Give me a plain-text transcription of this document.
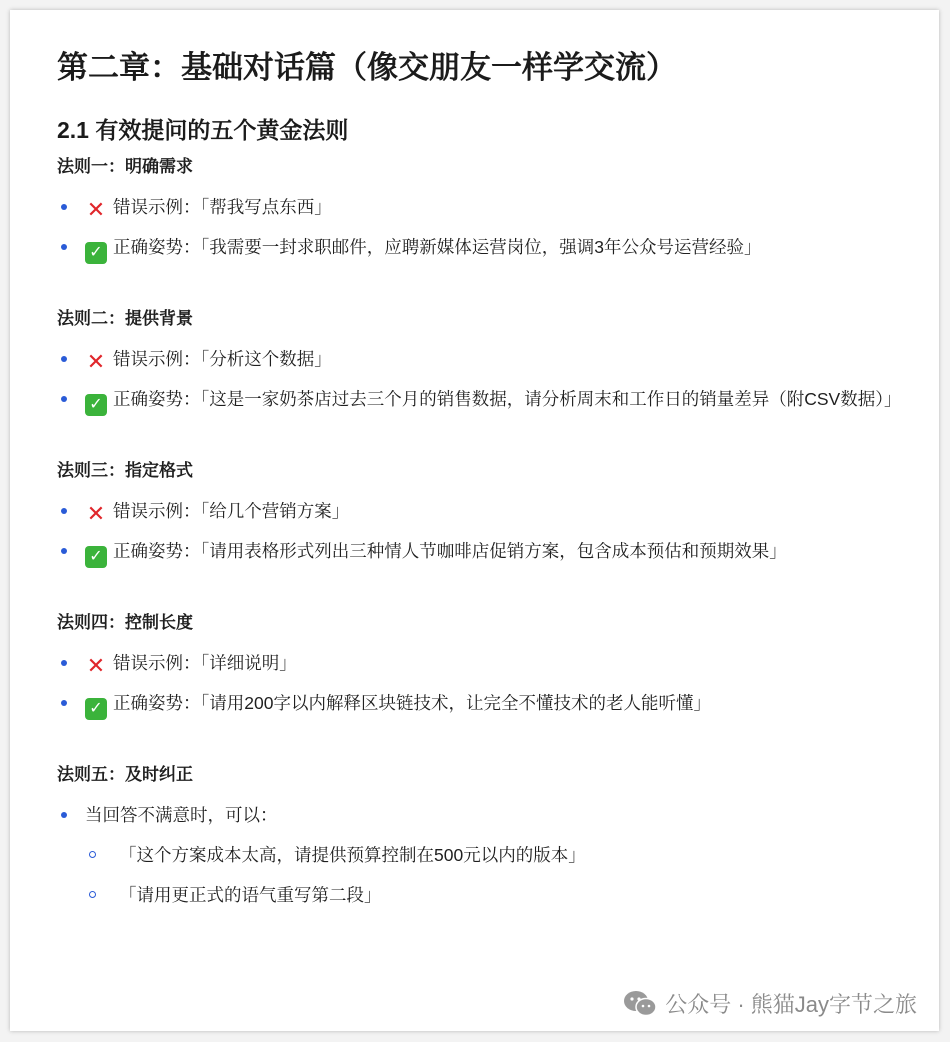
第二章：基础对话篇（像交朋友一样学交流）
2.1 有效提问的五个黄金法则
法则一：明确需求
✕ 错误示例：「帮我写点东西」
✓ 正确姿势：「我需要一封求职邮件，应聘新媒体运营岗位，强调3年公众号运营经验」
法则二：提供背景
✕ 错误示例：「分析这个数据」
✓ 正确姿势：「这是一家奶茶店过去三个月的销售数据，请分析周末和工作日的销量差异（附CSV数据）」
法则三：指定格式
✕ 错误示例：「给几个营销方案」
✓ 正确姿势：「请用表格形式列出三种情人节咖啡店促销方案，包含成本预估和预期效果」
法则四：控制长度
✕ 错误示例：「详细说明」
✓ 正确姿势：「请用200字以内解释区块链技术，让完全不懂技术的老人能听懂」
法则五：及时纠正
当回答不满意时，可以：
「这个方案成本太高，请提供预算控制在500元以内的版本」
「请用更正式的语气重写第二段」
公众号 · 熊猫Jay字节之旅
